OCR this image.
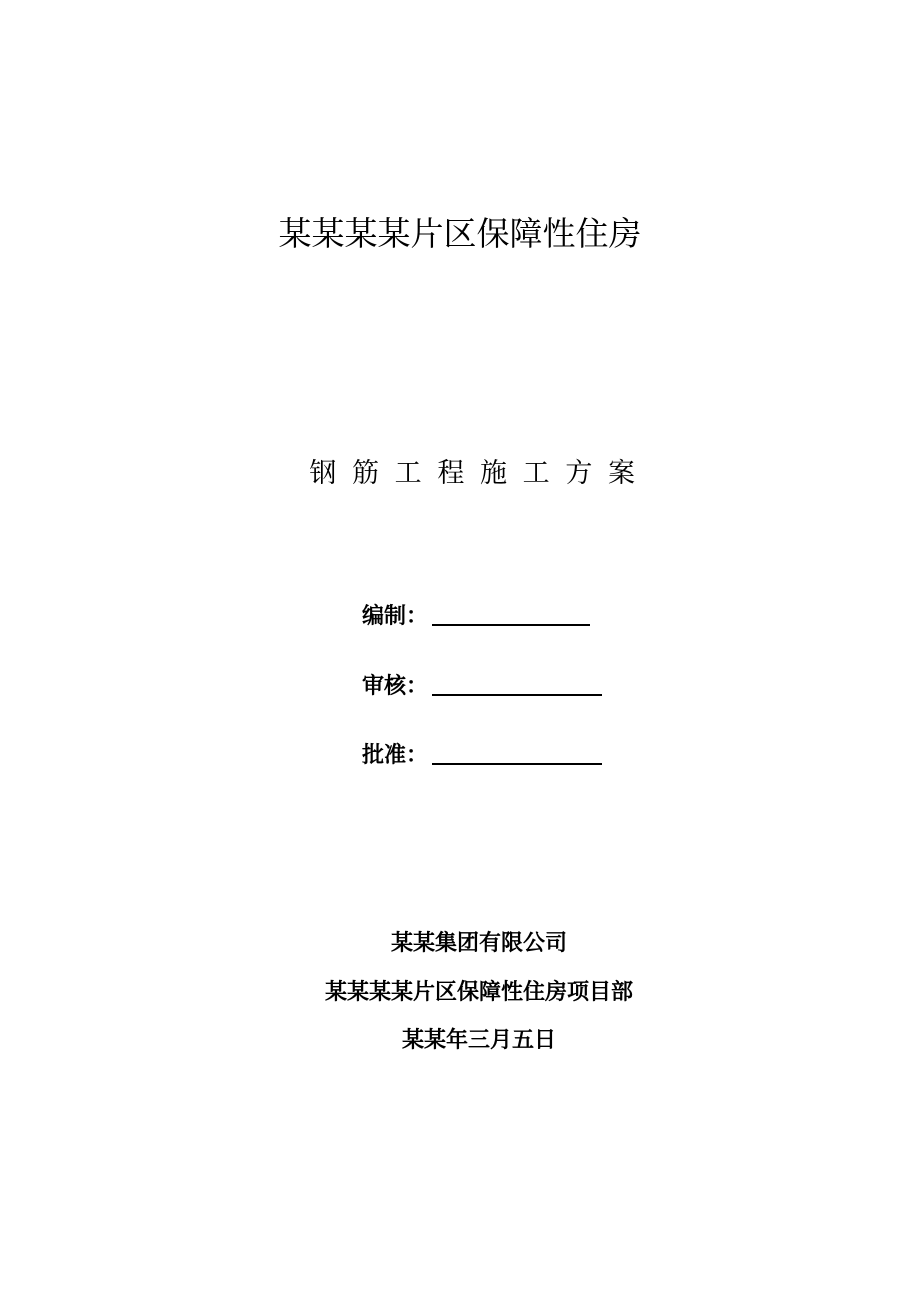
某某某某片区保障性住房
钢筋工程施工方案
编制：
审核：
批准：
某某集团有限公司
某某某某片区保障性住房项目部
某某年三月五日
